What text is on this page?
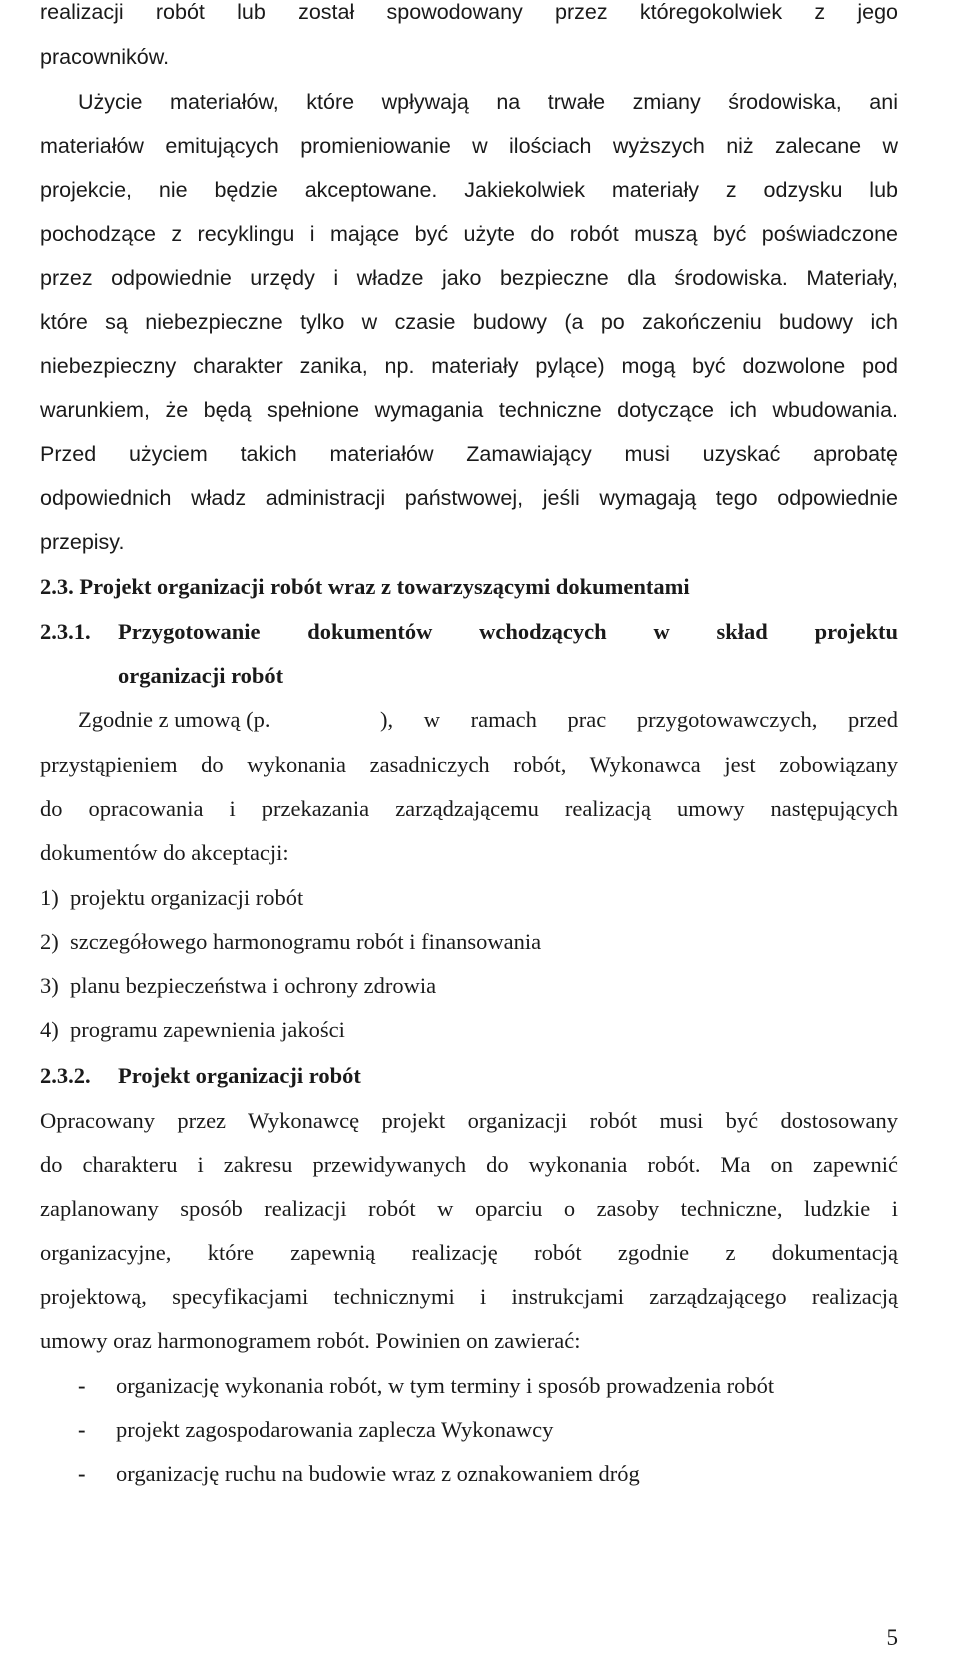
realizacji robót lub został spowodowany przez któregokolwiek z jego
pracowników.
Użycie materiałów, które wpływają na trwałe zmiany środowiska, ani
materiałów emitujących promieniowanie w ilościach wyższych niż zalecane w
projekcie, nie będzie akceptowane. Jakiekolwiek materiały z odzysku lub
pochodzące z recyklingu i mające być użyte do robót muszą być poświadczone
przez odpowiednie urzędy i władze jako bezpieczne dla środowiska. Materiały,
które są niebezpieczne tylko w czasie budowy (a po zakończeniu budowy ich
niebezpieczny charakter zanika, np. materiały pylące) mogą być dozwolone pod
warunkiem, że będą spełnione wymagania techniczne dotyczące ich wbudowania.
Przed użyciem takich materiałów Zamawiający musi uzyskać aprobatę
odpowiednich władz administracji państwowej, jeśli wymagają tego odpowiednie
przepisy.
2.3. Projekt organizacji robót wraz z towarzyszącymi dokumentami
2.3.1.	Przygotowanie dokumentów wchodzących w skład projektu
organizacji robót
Zgodnie z umową (p.	), w ramach prac przygotowawczych, przed
przystąpieniem do wykonania zasadniczych robót, Wykonawca jest zobowiązany
do opracowania i przekazania zarządzającemu realizacją umowy następujących
dokumentów do akceptacji:
1)  projektu organizacji robót
2)  szczegółowego harmonogramu robót i finansowania
3)  planu bezpieczeństwa i ochrony zdrowia
4)  programu zapewnienia jakości
2.3.2. Projekt organizacji robót
Opracowany przez Wykonawcę projekt organizacji robót musi być dostosowany
do charakteru i zakresu przewidywanych do wykonania robót. Ma on zapewnić
zaplanowany sposób realizacji robót w oparciu o zasoby techniczne, ludzkie i
organizacyjne, które zapewnią realizację robót zgodnie z dokumentacją
projektową, specyfikacjami technicznymi i instrukcjami zarządzającego realizacją
umowy oraz harmonogramem robót. Powinien on zawierać:
- organizację wykonania robót, w tym terminy i sposób prowadzenia robót
- projekt zagospodarowania zaplecza Wykonawcy
- organizację ruchu na budowie wraz z oznakowaniem dróg
5
